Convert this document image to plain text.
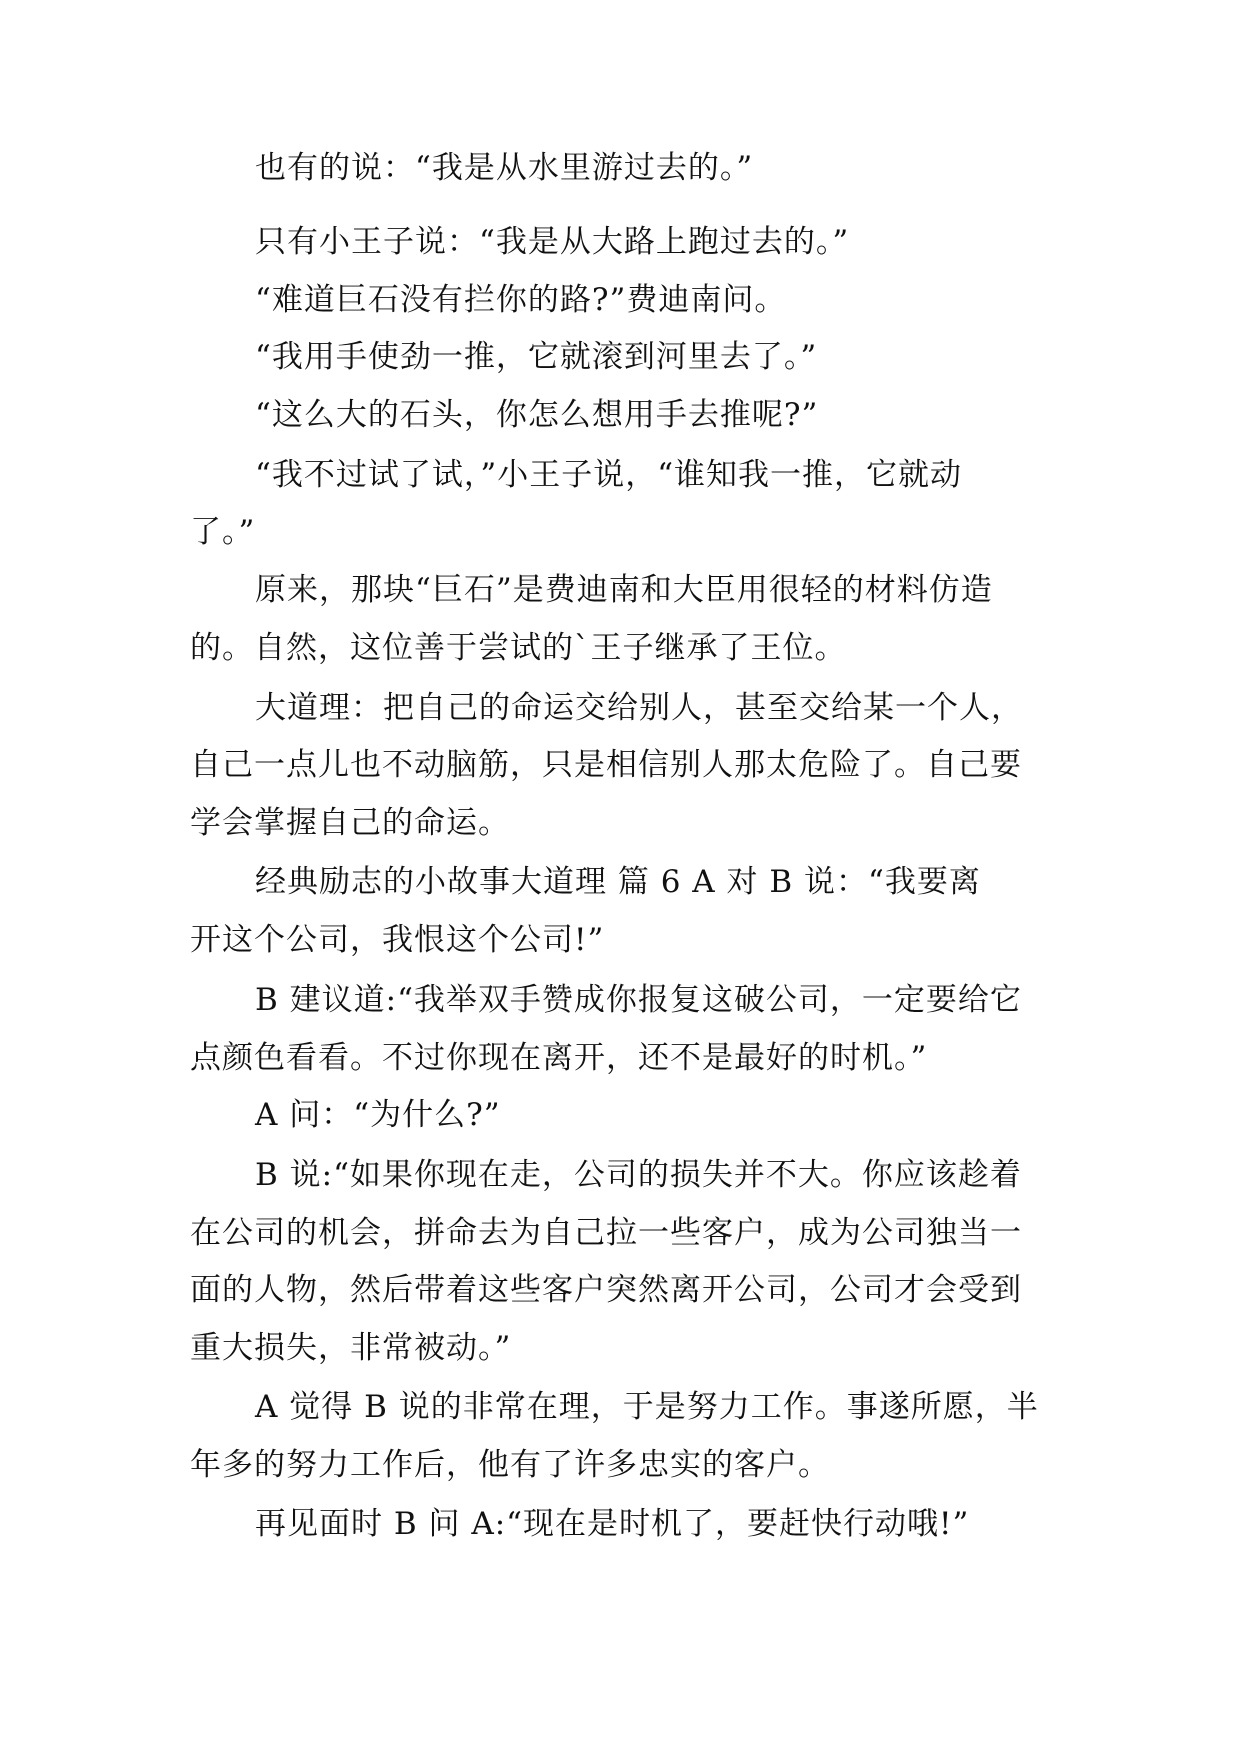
也有的说：“我是从水里游过去的。”
只有小王子说：“我是从大路上跑过去的。”
“难道巨石没有拦你的路?”费迪南问。
“我用手使劲一推，它就滚到河里去了。”
“这么大的石头，你怎么想用手去推呢?”
“我不过试了试，”小王子说，“谁知我一推，它就动
了。”
原来，那块“巨石”是费迪南和大臣用很轻的材料仿造
的。自然，这位善于尝试的`王子继承了王位。
大道理：把自己的命运交给别人，甚至交给某一个人，
自己一点儿也不动脑筋，只是相信别人那太危险了。自己要
学会掌握自己的命运。
经典励志的小故事大道理 篇 6 A 对 B 说：“我要离
开这个公司，我恨这个公司!”
B 建议道:“我举双手赞成你报复这破公司，一定要给它
点颜色看看。不过你现在离开，还不是最好的时机。”
A 问：“为什么?”
B 说:“如果你现在走，公司的损失并不大。你应该趁着
在公司的机会，拼命去为自己拉一些客户，成为公司独当一
面的人物，然后带着这些客户突然离开公司，公司才会受到
重大损失，非常被动。”
A 觉得 B 说的非常在理，于是努力工作。事遂所愿，半
年多的努力工作后，他有了许多忠实的客户。
再见面时 B 问 A:“现在是时机了，要赶快行动哦!”
